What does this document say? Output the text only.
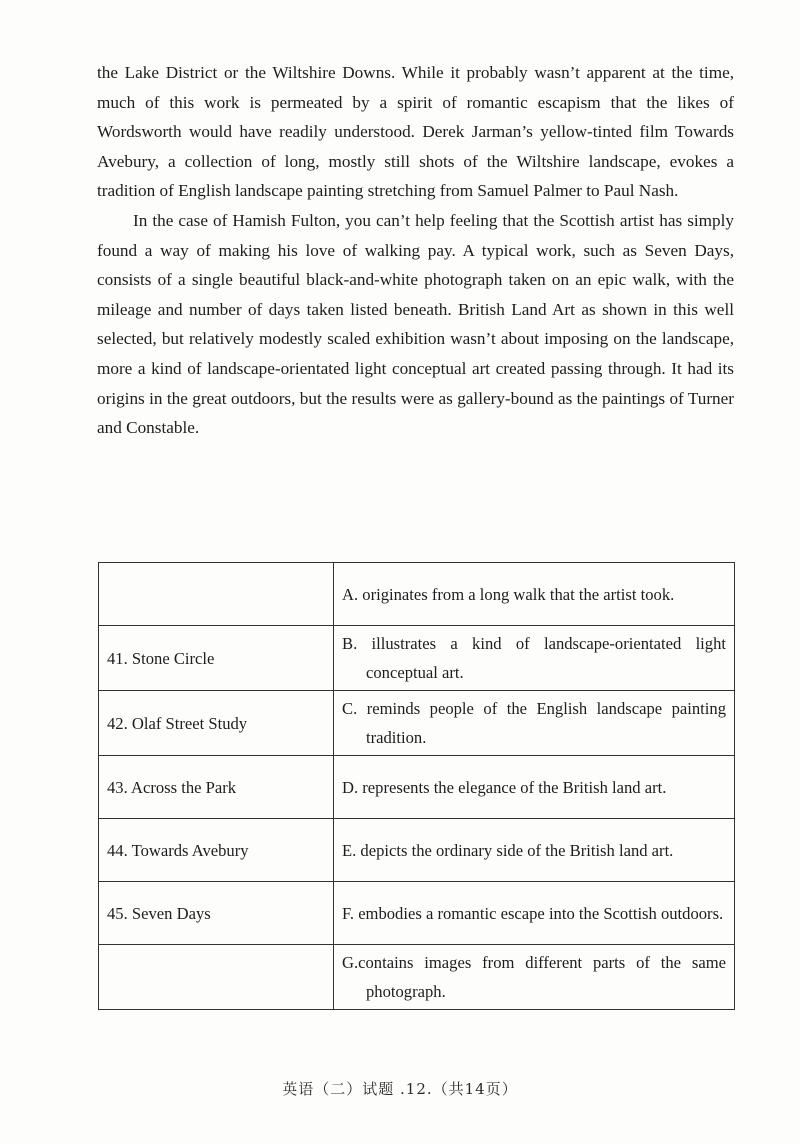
the Lake District or the Wiltshire Downs. While it probably wasn’t apparent at the time, much of this work is permeated by a spirit of romantic escapism that the likes of Wordsworth would have readily understood. Derek Jarman’s yellow-tinted film Towards Avebury, a collection of long, mostly still shots of the Wiltshire landscape, evokes a tradition of English landscape painting stretching from Samuel Palmer to Paul Nash.

In the case of Hamish Fulton, you can’t help feeling that the Scottish artist has simply found a way of making his love of walking pay. A typical work, such as Seven Days, consists of a single beautiful black-and-white photograph taken on an epic walk, with the mileage and number of days taken listed beneath. British Land Art as shown in this well selected, but relatively modestly scaled exhibition wasn’t about imposing on the landscape, more a kind of landscape-orientated light conceptual art created passing through. It had its origins in the great outdoors, but the results were as gallery-bound as the paintings of Turner and Constable.

	A. originates from a long walk that the artist took.

41. Stone Circle	B. illustrates a kind of landscape-orientated light conceptual art.

42. Olaf Street Study	C. reminds people of the English landscape painting tradition.

43. Across the Park	D. represents the elegance of the British land art.

44. Towards Avebury	E. depicts the ordinary side of the British land art.

45. Seven Days	F. embodies a romantic escape into the Scottish outdoors.

	G.contains images from different parts of the same photograph.
英语（二）试题 .12.（共14页）
